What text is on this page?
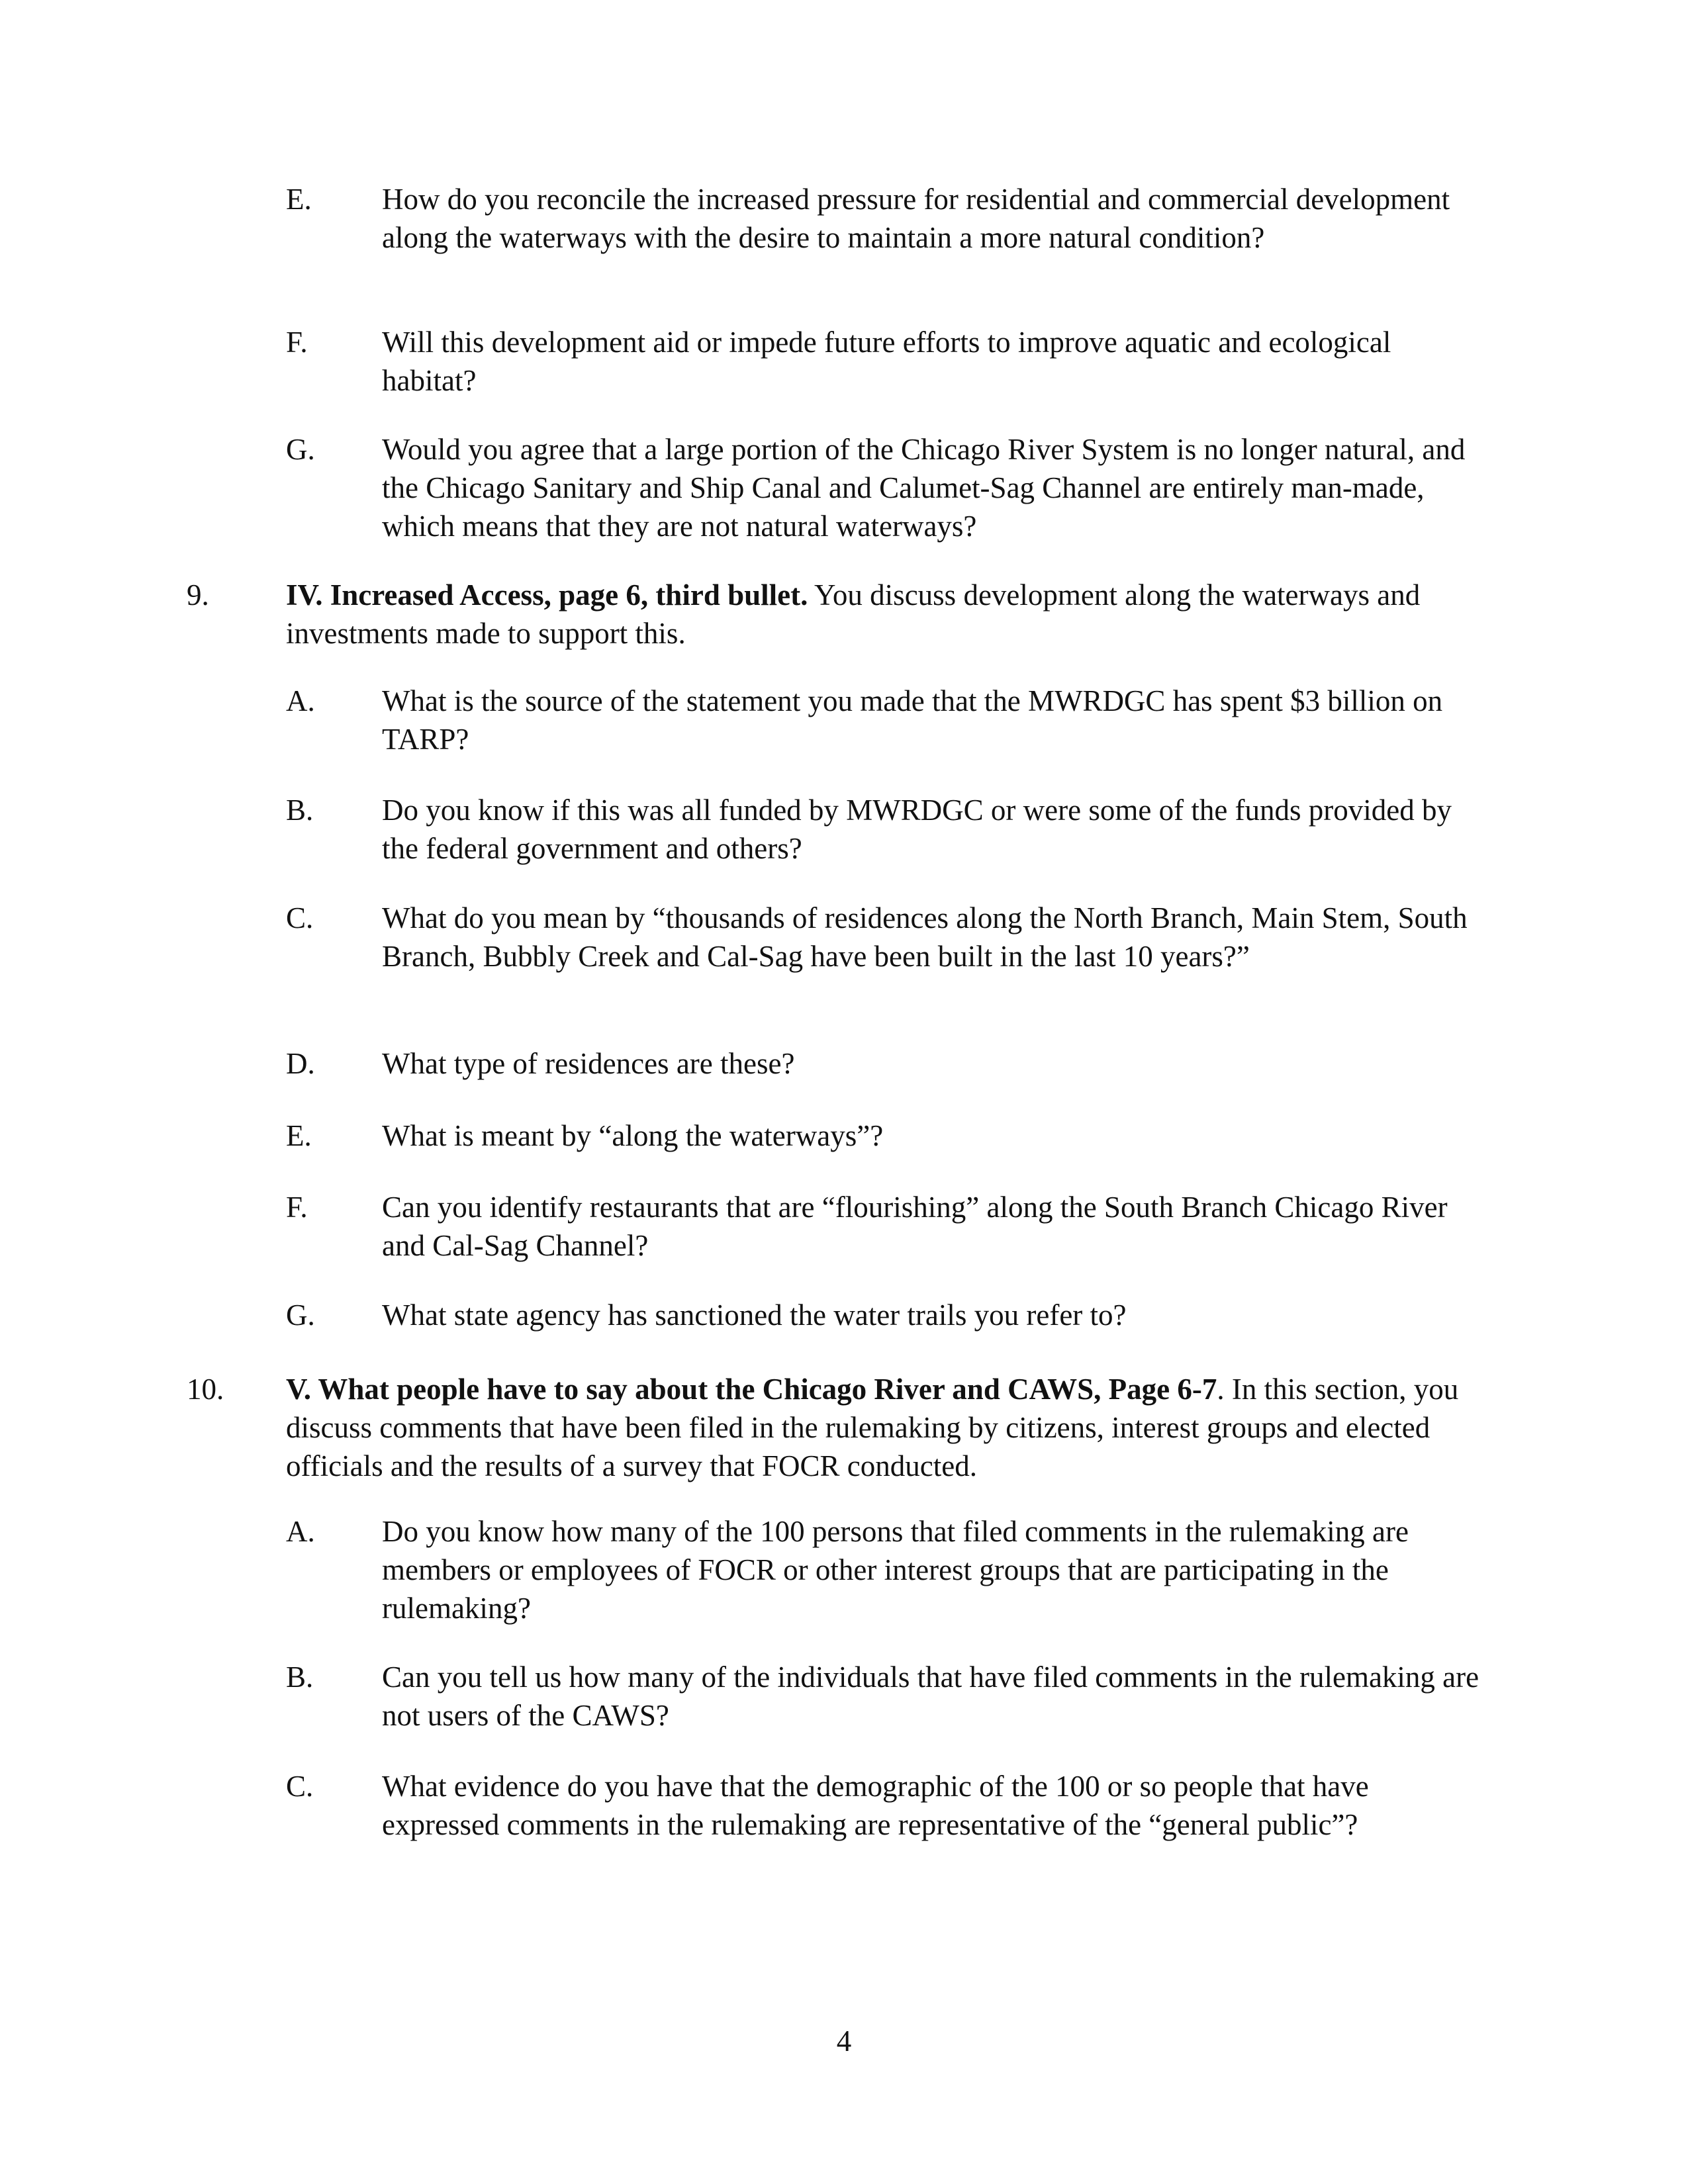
E.	How do you reconcile the increased pressure for residential and commercial development along the waterways with the desire to maintain a more natural condition?
F.	Will this development aid or impede future efforts to improve aquatic and ecological habitat?
G.	Would you agree that a large portion of the Chicago River System is no longer natural, and the Chicago Sanitary and Ship Canal and Calumet-Sag Channel are entirely man-made, which means that they are not natural waterways?
9.	IV. Increased Access, page 6, third bullet. You discuss development along the waterways and investments made to support this.
A.	What is the source of the statement you made that the MWRDGC has spent $3 billion on TARP?
B.	Do you know if this was all funded by MWRDGC or were some of the funds provided by the federal government and others?
C.	What do you mean by “thousands of residences along the North Branch, Main Stem, South Branch, Bubbly Creek and Cal-Sag have been built in the last 10 years?”
D.	What type of residences are these?
E.	What is meant by “along the waterways”?
F.	Can you identify restaurants that are “flourishing” along the South Branch Chicago River and Cal-Sag Channel?
G.	What state agency has sanctioned the water trails you refer to?
10.	V. What people have to say about the Chicago River and CAWS, Page 6-7. In this section, you discuss comments that have been filed in the rulemaking by citizens, interest groups and elected officials and the results of a survey that FOCR conducted.
A.	Do you know how many of the 100 persons that filed comments in the rulemaking are members or employees of FOCR or other interest groups that are participating in the rulemaking?
B.	Can you tell us how many of the individuals that have filed comments in the rulemaking are not users of the CAWS?
C.	What evidence do you have that the demographic of the 100 or so people that have expressed comments in the rulemaking are representative of the “general public”?
4
